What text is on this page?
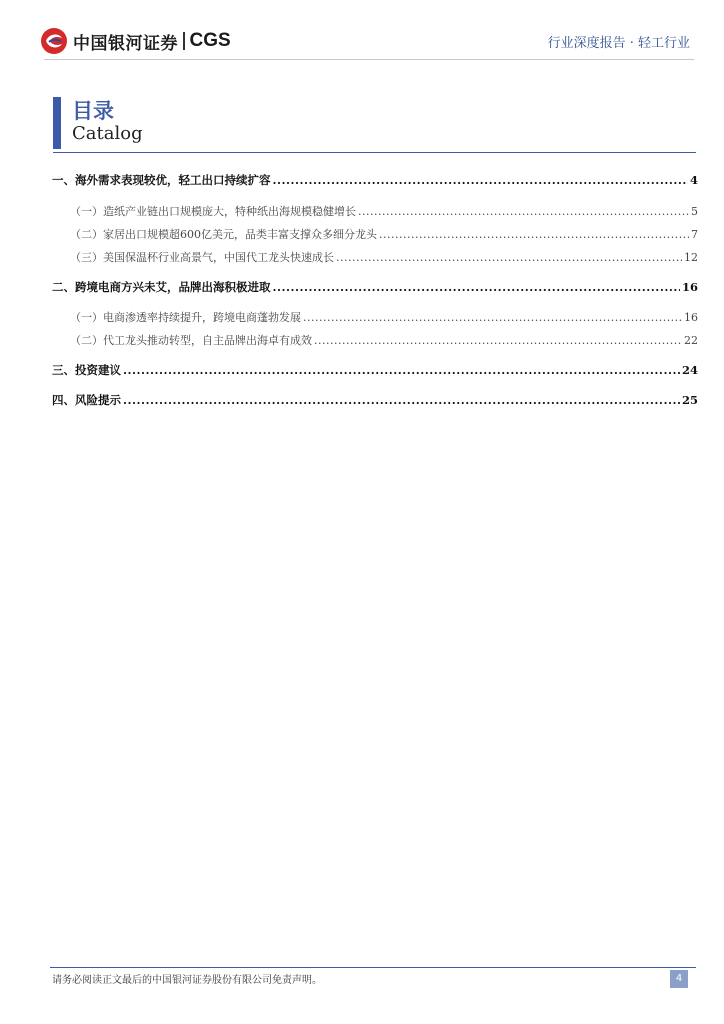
中国银河证券 CGS	行业深度报告 · 轻工行业
目录
Catalog
一、 海外需求表现较优，轻工出口持续扩容 .....	4
（一） 造纸产业链出口规模庞大，特种纸出海规模稳健增长 .....	5
（二） 家居出口规模超600亿美元，品类丰富支撑众多细分龙头 .....	7
（三） 美国保温杯行业高景气，中国代工龙头快速成长 .....	12
二、 跨境电商方兴未艾，品牌出海积极进取 .....	16
（一） 电商渗透率持续提升，跨境电商蓬勃发展 .....	16
（二） 代工龙头推动转型，自主品牌出海卓有成效 .....	22
三、 投资建议 .....	24
四、 风险提示 .....	25
请务必阅读正文最后的中国银河证券股份有限公司免责声明。	4
